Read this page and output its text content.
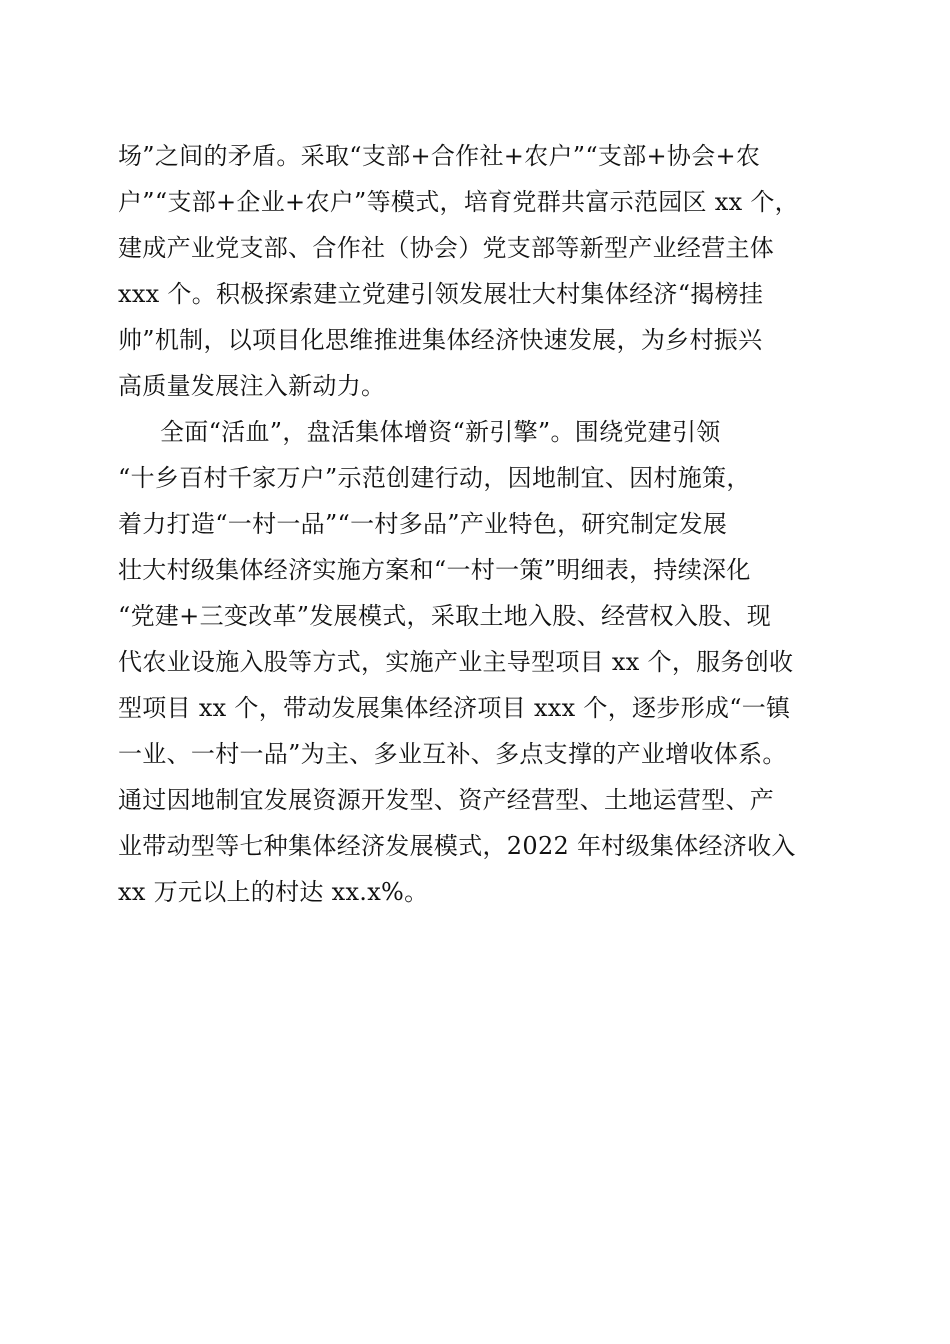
场”之间的矛盾。采取“支部+合作社+农户”“支部+协会+农
户”“支部+企业+农户”等模式，培育党群共富示范园区 xx 个，
建成产业党支部、合作社（协会）党支部等新型产业经营主体
xxx 个。积极探索建立党建引领发展壮大村集体经济“揭榜挂
帅”机制，以项目化思维推进集体经济快速发展，为乡村振兴
高质量发展注入新动力。
全面“活血”，盘活集体增资“新引擎”。围绕党建引领
“十乡百村千家万户”示范创建行动，因地制宜、因村施策，
着力打造“一村一品”“一村多品”产业特色，研究制定发展
壮大村级集体经济实施方案和“一村一策”明细表，持续深化
“党建+三变改革”发展模式，采取土地入股、经营权入股、现
代农业设施入股等方式，实施产业主导型项目 xx 个，服务创收
型项目 xx 个，带动发展集体经济项目 xxx 个，逐步形成“一镇
一业、一村一品”为主、多业互补、多点支撑的产业增收体系。
通过因地制宜发展资源开发型、资产经营型、土地运营型、产
业带动型等七种集体经济发展模式，2022 年村级集体经济收入
xx 万元以上的村达 xx.x%。
